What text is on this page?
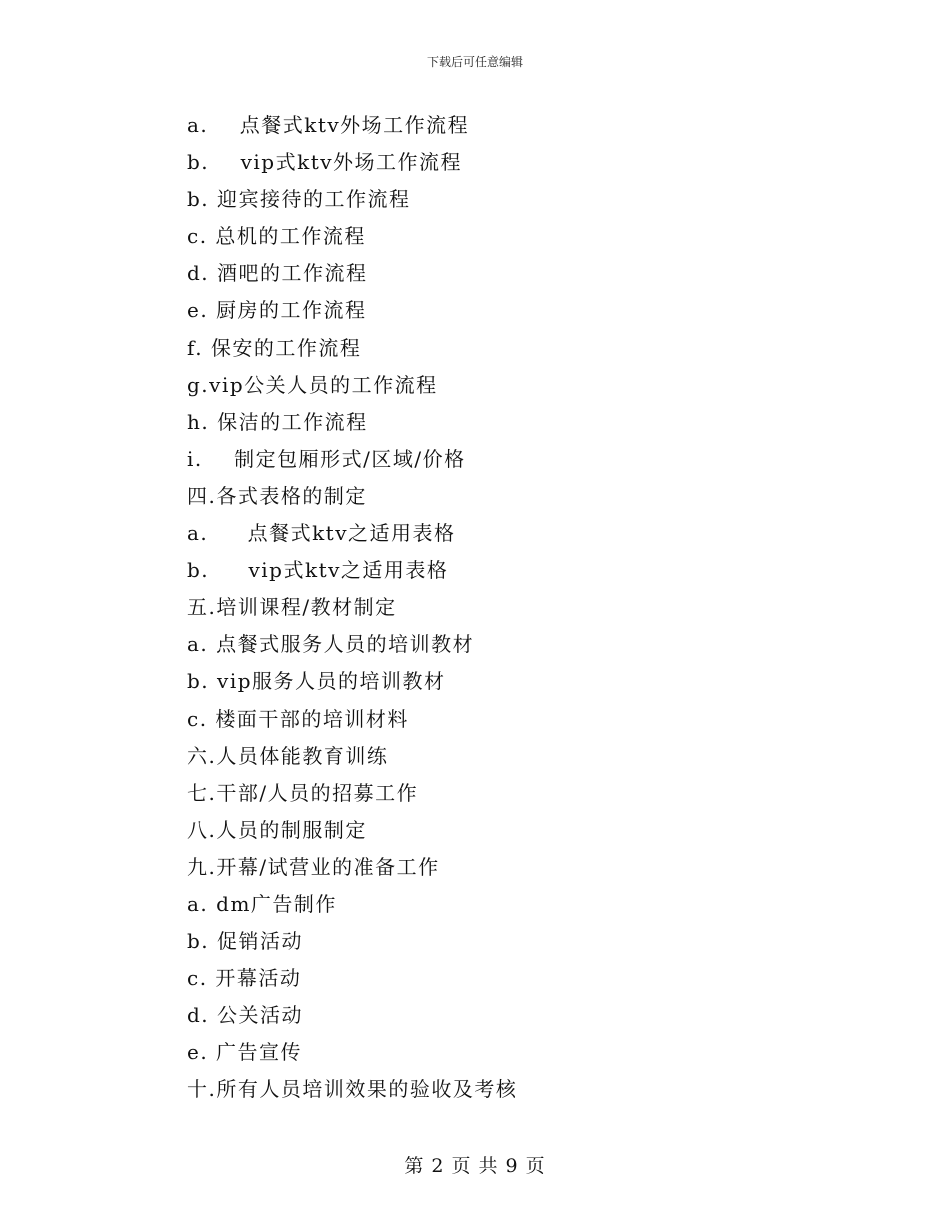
下载后可任意编辑
a.    点餐式ktv外场工作流程
b.    vip式ktv外场工作流程
b. 迎宾接待的工作流程
c. 总机的工作流程
d. 酒吧的工作流程
e. 厨房的工作流程
f. 保安的工作流程
g.vip公关人员的工作流程
h. 保洁的工作流程
i.    制定包厢形式/区域/价格
四.各式表格的制定
a.     点餐式ktv之适用表格
b.     vip式ktv之适用表格
五.培训课程/教材制定
a. 点餐式服务人员的培训教材
b. vip服务人员的培训教材
c. 楼面干部的培训材料
六.人员体能教育训练
七.干部/人员的招募工作
八.人员的制服制定
九.开幕/试营业的准备工作
a. dm广告制作
b. 促销活动
c. 开幕活动
d. 公关活动
e. 广告宣传
十.所有人员培训效果的验收及考核
第 2 页 共 9 页
